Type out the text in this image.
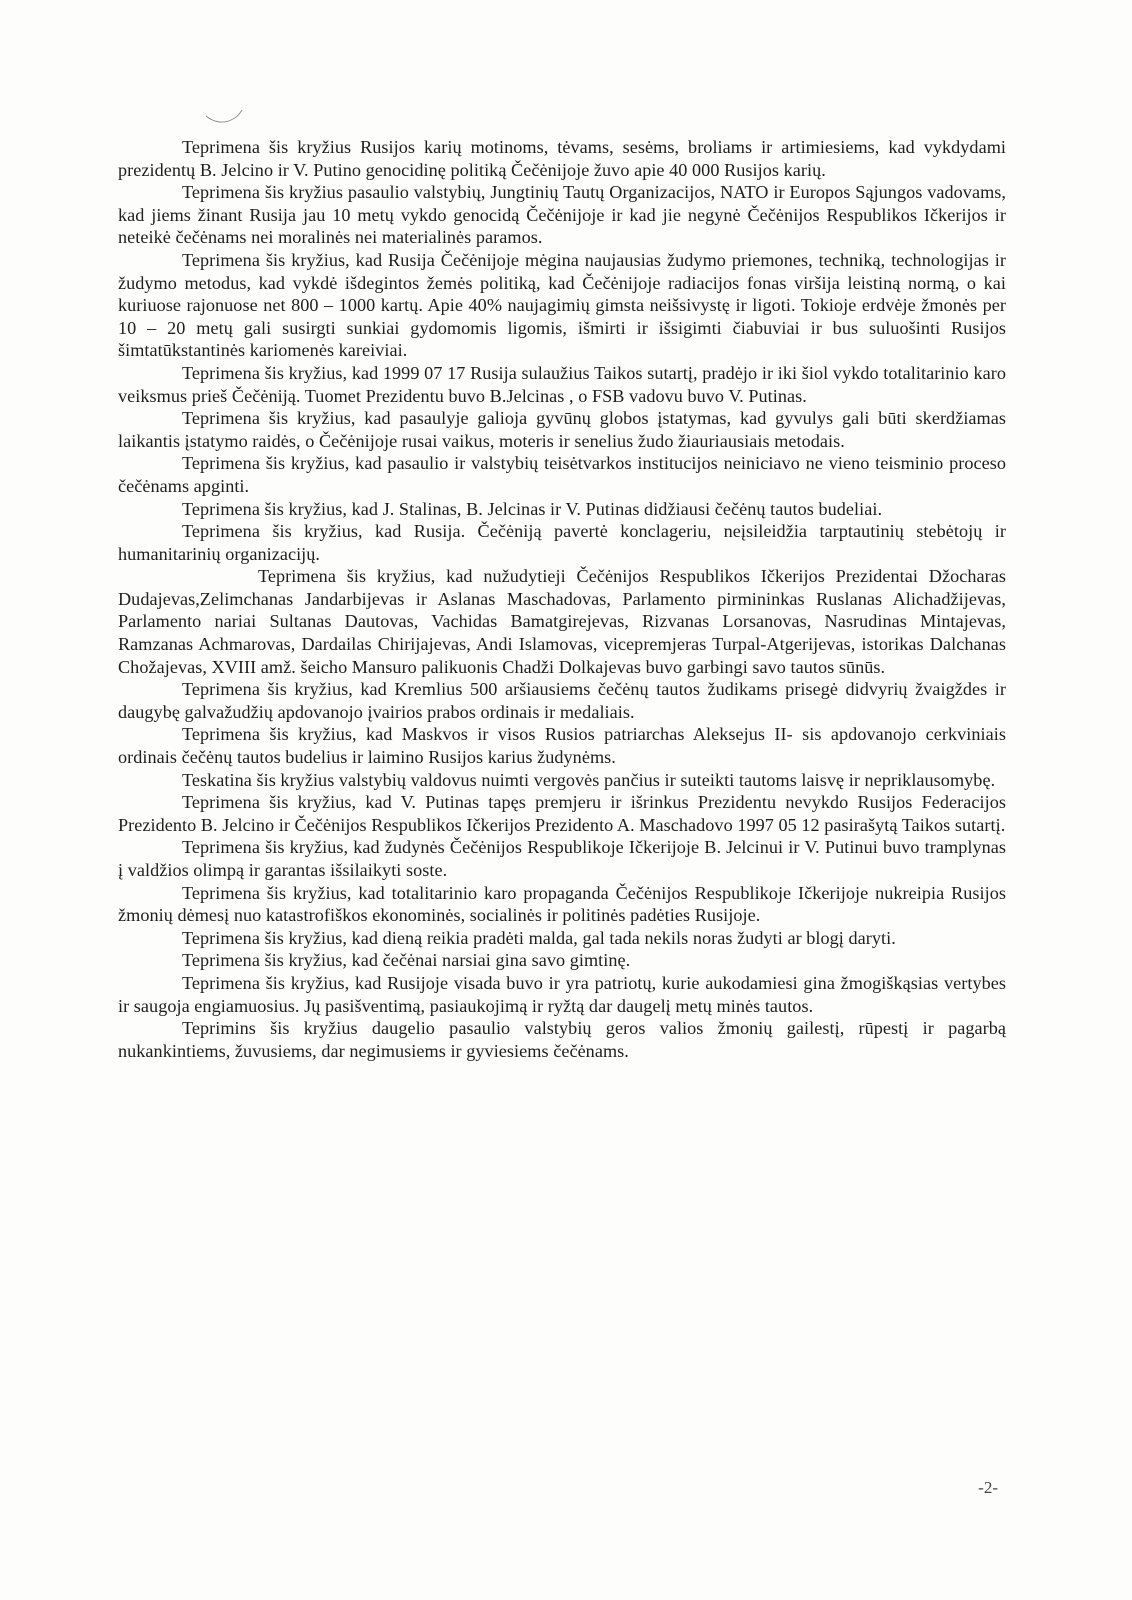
Teprimena šis kryžius Rusijos karių motinoms, tėvams, sesėms, broliams ir artimiesiems, kad vykdydami prezidentų B. Jelcino ir V. Putino genocidinę politiką Čečėnijoje žuvo apie 40 000 Rusijos karių.

Teprimena šis kryžius pasaulio valstybių, Jungtinių Tautų Organizacijos, NATO ir Europos Sąjungos vadovams, kad jiems žinant Rusija jau 10 metų vykdo genocidą Čečėnijoje ir kad jie negynė Čečėnijos Respublikos Ičkerijos ir neteikė čečėnams nei moralinės nei materialinės paramos.

Teprimena šis kryžius, kad Rusija Čečėnijoje mėgina naujausias žudymo priemones, techniką, technologijas ir žudymo metodus, kad vykdė išdegintos žemės politiką, kad Čečėnijoje radiacijos fonas viršija leistiną normą, o kai kuriuose rajonuose net 800 – 1000 kartų. Apie 40% naujagimių gimsta neišsivystę ir ligoti. Tokioje erdvėje žmonės per 10 – 20 metų gali susirgti sunkiai gydomomis ligomis, išmirti ir išsigimti čiabuviai ir bus suluošinti Rusijos šimtatūkstantinės kariomenės kareiviai.

Teprimena šis kryžius, kad 1999 07 17 Rusija sulaužius Taikos sutartį, pradėjo ir iki šiol vykdo totalitarinio karo veiksmus prieš Čečėniją. Tuomet Prezidentu buvo B.Jelcinas , o FSB vadovu buvo V. Putinas.

Teprimena šis kryžius, kad pasaulyje galioja gyvūnų globos įstatymas, kad gyvulys gali būti skerdžiamas laikantis įstatymo raidės, o Čečėnijoje rusai vaikus, moteris ir senelius žudo žiauriausiais metodais.

Teprimena šis kryžius, kad pasaulio ir valstybių teisėtvarkos institucijos neiniciavo ne vieno teisminio proceso čečėnams apginti.

Teprimena šis kryžius, kad J. Stalinas, B. Jelcinas ir V. Putinas didžiausi čečėnų tautos budeliai.

Teprimena šis kryžius, kad Rusija. Čečėniją pavertė konclageriu, neįsileidžia tarptautinių stebėtojų ir humanitarinių organizacijų.

Teprimena šis kryžius, kad nužudytieji Čečėnijos Respublikos Ičkerijos Prezidentai Džocharas Dudajevas,Zelimchanas Jandarbijevas ir Aslanas Maschadovas, Parlamento pirmininkas Ruslanas Alichadžijevas, Parlamento nariai Sultanas Dautovas, Vachidas Bamatgirejevas, Rizvanas Lorsanovas, Nasrudinas Mintajevas, Ramzanas Achmarovas, Dardailas Chirijajevas, Andi Islamovas, vicepremjeras Turpal-Atgerijevas, istorikas Dalchanas Chožajevas, XVIII amž. šeicho Mansuro palikuonis Chadži Dolkajevas buvo garbingi savo tautos sūnūs.

Teprimena šis kryžius, kad Kremlius 500 aršiausiems čečėnų tautos žudikams prisegė didvyrių žvaigždes ir daugybę galvažudžių apdovanojo įvairios prabos ordinais ir medaliais.

Teprimena šis kryžius, kad Maskvos ir visos Rusios patriarchas Aleksejus II- sis apdovanojo cerkviniais ordinais čečėnų tautos budelius ir laimino Rusijos karius žudynėms.

Teskatina šis kryžius valstybių valdovus nuimti vergovės pančius ir suteikti tautoms laisvę ir nepriklausomybę.

Teprimena šis kryžius, kad V. Putinas tapęs premjeru ir išrinkus Prezidentu nevykdo Rusijos Federacijos Prezidento B. Jelcino ir Čečėnijos Respublikos Ičkerijos Prezidento A. Maschadovo 1997 05 12 pasirašytą Taikos sutartį.

Teprimena šis kryžius, kad žudynės Čečėnijos Respublikoje Ičkerijoje B. Jelcinui ir V. Putinui buvo tramplynas į valdžios olimpą ir garantas išsilaikyti soste.

Teprimena šis kryžius, kad totalitarinio karo propaganda Čečėnijos Respublikoje Ičkerijoje nukreipia Rusijos žmonių dėmesį nuo katastrofiškos ekonominės, socialinės ir politinės padėties Rusijoje.

Teprimena šis kryžius, kad dieną reikia pradėti malda, gal tada nekils noras žudyti ar blogį daryti.

Teprimena šis kryžius, kad čečėnai narsiai gina savo gimtinę.

Teprimena šis kryžius, kad Rusijoje visada buvo ir yra patriotų, kurie aukodamiesi gina žmogiškąsias vertybes ir saugoja engiamuosius. Jų pasišventimą, pasiaukojimą ir ryžtą dar daugelį metų minės tautos.

Teprimins šis kryžius daugelio pasaulio valstybių geros valios žmonių gailestį, rūpestį ir pagarbą nukankintiems, žuvusiems, dar negimusiems ir gyviesiems čečėnams.

-2-
